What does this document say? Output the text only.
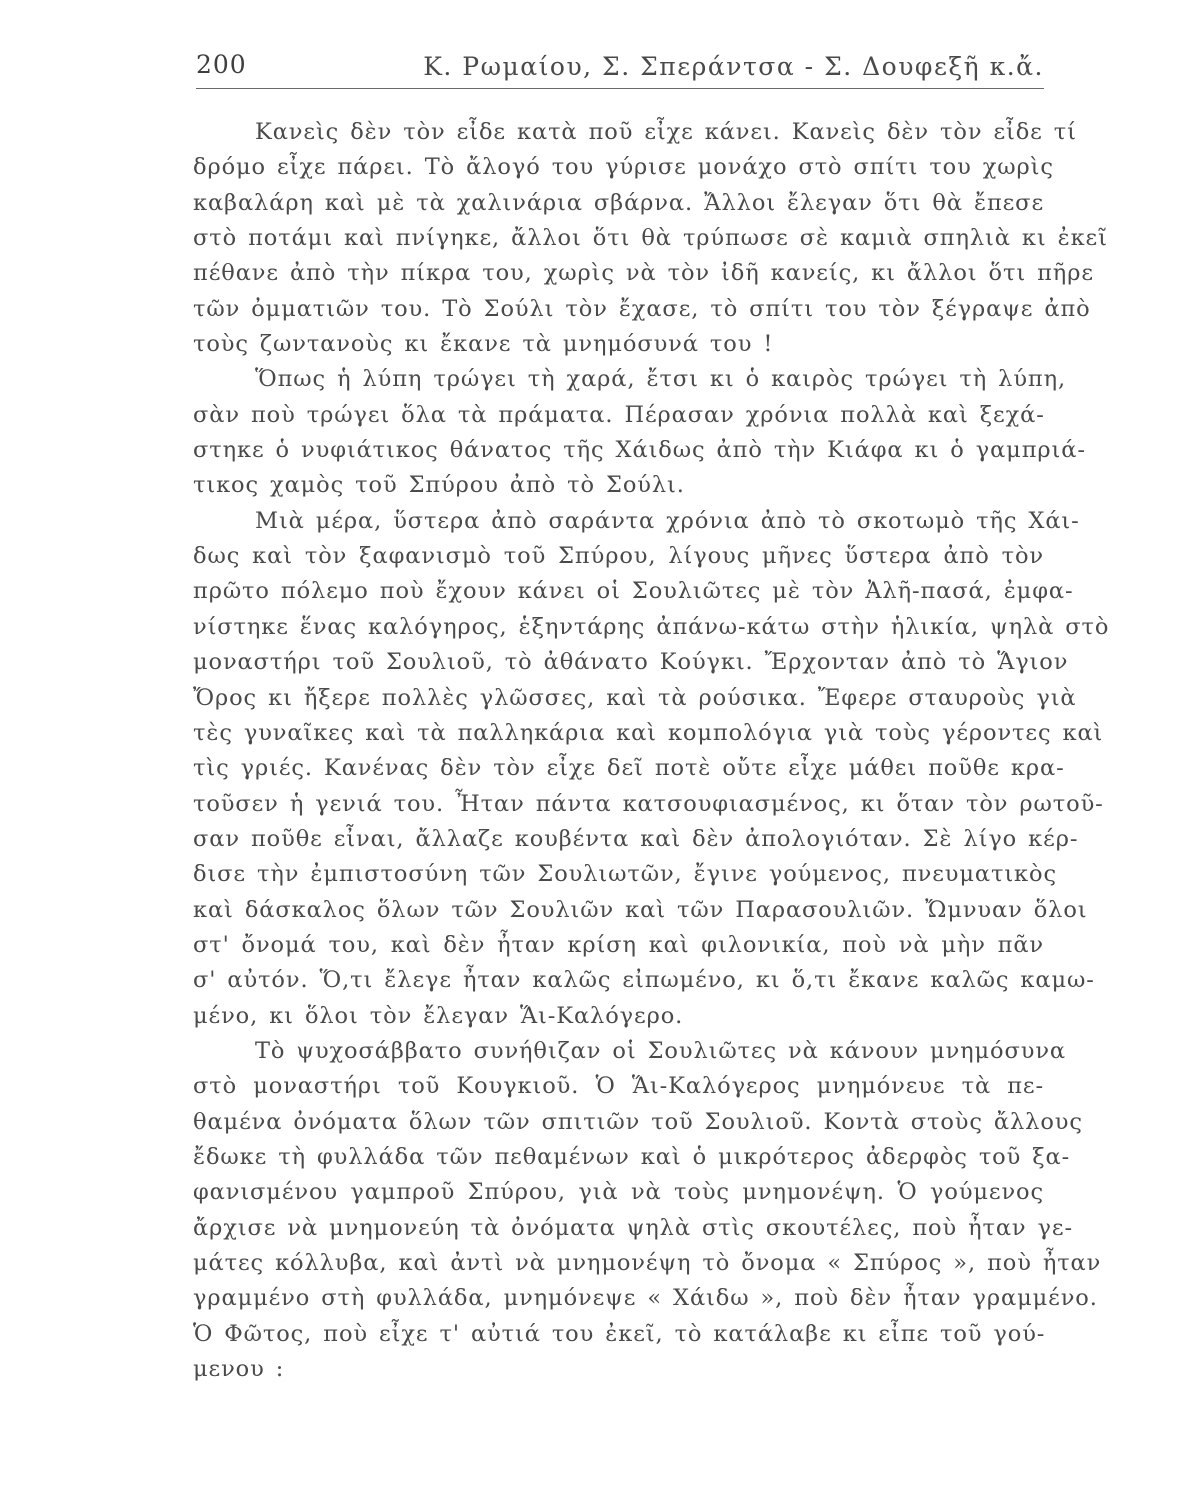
200	Κ. Ρωμαίου, Σ. Σπεράντσα - Σ. Δουφεξῆ κ.ἄ.
Κανεὶς δὲν τὸν εἶδε κατὰ ποῦ εἶχε κάνει. Κανεὶς δὲν τὸν εἶδε τί
δρόμο εἶχε πάρει. Τὸ ἄλογό του γύρισε μονάχο στὸ σπίτι του χωρὶς
καβαλάρη καὶ μὲ τὰ χαλινάρια σβάρνα. Ἄλλοι ἔλεγαν ὅτι θὰ ἔπεσε
στὸ ποτάμι καὶ πνίγηκε, ἄλλοι ὅτι θὰ τρύπωσε σὲ καμιὰ σπηλιὰ κι ἐκεῖ
πέθανε ἀπὸ τὴν πίκρα του, χωρὶς νὰ τὸν ἰδῆ κανείς, κι ἄλλοι ὅτι πῆρε
τῶν ὀμματιῶν του. Τὸ Σούλι τὸν ἔχασε, τὸ σπίτι του τὸν ξέγραψε ἀπὸ
τοὺς ζωντανοὺς κι ἔκανε τὰ μνημόσυνά του !
Ὅπως ἡ λύπη τρώγει τὴ χαρά, ἔτσι κι ὁ καιρὸς τρώγει τὴ λύπη,
σὰν ποὺ τρώγει ὅλα τὰ πράματα. Πέρασαν χρόνια πολλὰ καὶ ξεχά-
στηκε ὁ νυφιάτικος θάνατος τῆς Χάιδως ἀπὸ τὴν Κιάφα κι ὁ γαμπριά-
τικος χαμὸς τοῦ Σπύρου ἀπὸ τὸ Σούλι.
Μιὰ μέρα, ὕστερα ἀπὸ σαράντα χρόνια ἀπὸ τὸ σκοτωμὸ τῆς Χάι-
δως καὶ τὸν ξαφανισμὸ τοῦ Σπύρου, λίγους μῆνες ὕστερα ἀπὸ τὸν
πρῶτο πόλεμο ποὺ ἔχουν κάνει οἱ Σουλιῶτες μὲ τὸν Ἀλῆ-πασά, ἐμφα-
νίστηκε ἕνας καλόγηρος, ἑξηντάρης ἀπάνω-κάτω στὴν ἡλικία, ψηλὰ στὸ
μοναστήρι τοῦ Σουλιοῦ, τὸ ἀθάνατο Κούγκι. Ἔρχονταν ἀπὸ τὸ Ἅγιον
Ὄρος κι ἤξερε πολλὲς γλῶσσες, καὶ τὰ ρούσικα. Ἔφερε σταυροὺς γιὰ
τὲς γυναῖκες καὶ τὰ παλληκάρια καὶ κομπολόγια γιὰ τοὺς γέροντες καὶ
τὶς γριές. Κανένας δὲν τὸν εἶχε δεῖ ποτὲ οὔτε εἶχε μάθει ποῦθε κρα-
τοῦσεν ἡ γενιά του. Ἦταν πάντα κατσουφιασμένος, κι ὅταν τὸν ρωτοῦ-
σαν ποῦθε εἶναι, ἄλλαζε κουβέντα καὶ δὲν ἀπολογιόταν. Σὲ λίγο κέρ-
δισε τὴν ἐμπιστοσύνη τῶν Σουλιωτῶν, ἔγινε γούμενος, πνευματικὸς
καὶ δάσκαλος ὅλων τῶν Σουλιῶν καὶ τῶν Παρασουλιῶν. Ὤμνυαν ὅλοι
στ' ὄνομά του, καὶ δὲν ἦταν κρίση καὶ φιλονικία, ποὺ νὰ μὴν πᾶν
σ' αὐτόν. Ὅ,τι ἔλεγε ἦταν καλῶς εἰπωμένο, κι ὅ,τι ἔκανε καλῶς καμω-
μένο, κι ὅλοι τὸν ἔλεγαν Ἅι-Καλόγερο.
Τὸ ψυχοσάββατο συνήθιζαν οἱ Σουλιῶτες νὰ κάνουν μνημόσυνα
στὸ μοναστήρι τοῦ Κουγκιοῦ. Ὁ Ἅι-Καλόγερος μνημόνευε τὰ πε-
θαμένα ὀνόματα ὅλων τῶν σπιτιῶν τοῦ Σουλιοῦ. Κοντὰ στοὺς ἄλλους
ἔδωκε τὴ φυλλάδα τῶν πεθαμένων καὶ ὁ μικρότερος ἀδερφὸς τοῦ ξα-
φανισμένου γαμπροῦ Σπύρου, γιὰ νὰ τοὺς μνημονέψη. Ὁ γούμενος
ἄρχισε νὰ μνημονεύη τὰ ὀνόματα ψηλὰ στὶς σκουτέλες, ποὺ ἦταν γε-
μάτες κόλλυβα, καὶ ἀντὶ νὰ μνημονέψη τὸ ὄνομα « Σπύρος », ποὺ ἦταν
γραμμένο στὴ φυλλάδα, μνημόνεψε « Χάιδω », ποὺ δὲν ἦταν γραμμένο.
Ὁ Φῶτος, ποὺ εἶχε τ' αὐτιά του ἐκεῖ, τὸ κατάλαβε κι εἶπε τοῦ γού-
μενου :
